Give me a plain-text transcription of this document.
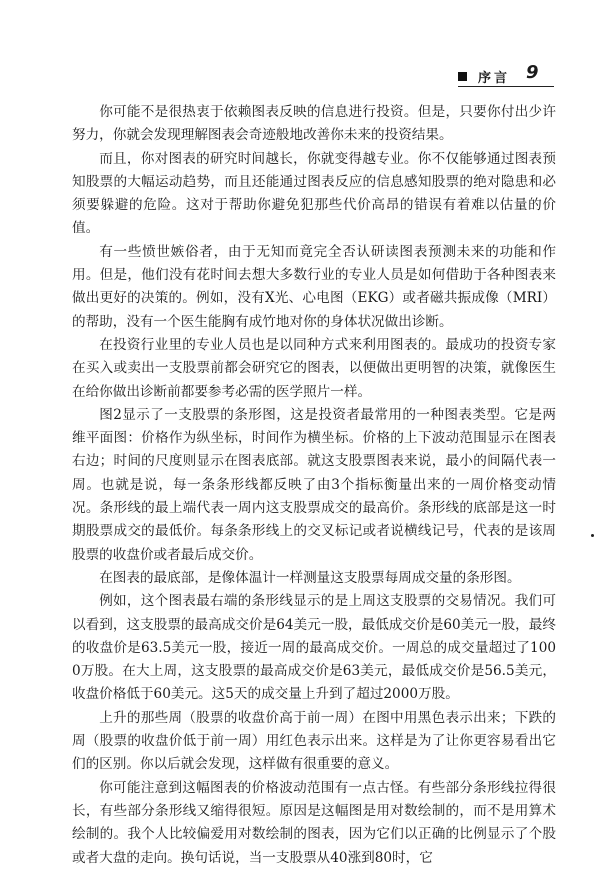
序言 9

你可能不是很热衷于依赖图表反映的信息进行投资。但是，只要你付出少许努力，你就会发现理解图表会奇迹般地改善你未来的投资结果。

而且，你对图表的研究时间越长，你就变得越专业。你不仅能够通过图表预知股票的大幅运动趋势，而且还能通过图表反应的信息感知股票的绝对隐患和必须要躲避的危险。这对于帮助你避免犯那些代价高昂的错误有着难以估量的价值。

有一些愤世嫉俗者，由于无知而竟完全否认研读图表预测未来的功能和作用。但是，他们没有花时间去想大多数行业的专业人员是如何借助于各种图表来做出更好的决策的。例如，没有X光、心电图（EKG）或者磁共振成像（MRI）的帮助，没有一个医生能胸有成竹地对你的身体状况做出诊断。

在投资行业里的专业人员也是以同种方式来利用图表的。最成功的投资专家在买入或卖出一支股票前都会研究它的图表，以便做出更明智的决策，就像医生在给你做出诊断前都要参考必需的医学照片一样。

图2显示了一支股票的条形图，这是投资者最常用的一种图表类型。它是两维平面图：价格作为纵坐标，时间作为横坐标。价格的上下波动范围显示在图表右边；时间的尺度则显示在图表底部。就这支股票图表来说，最小的间隔代表一周。也就是说，每一条条形线都反映了由3个指标衡量出来的一周价格变动情况。条形线的最上端代表一周内这支股票成交的最高价。条形线的底部是这一时期股票成交的最低价。每条条形线上的交叉标记或者说横线记号，代表的是该周股票的收盘价或者最后成交价。

在图表的最底部，是像体温计一样测量这支股票每周成交量的条形图。

例如，这个图表最右端的条形线显示的是上周这支股票的交易情况。我们可以看到，这支股票的最高成交价是64美元一股，最低成交价是60美元一股，最终的收盘价是63.5美元一股，接近一周的最高成交价。一周总的成交量超过了1000万股。在大上周，这支股票的最高成交价是63美元，最低成交价是56.5美元，收盘价格低于60美元。这5天的成交量上升到了超过2000万股。

上升的那些周（股票的收盘价高于前一周）在图中用黑色表示出来；下跌的周（股票的收盘价低于前一周）用红色表示出来。这样是为了让你更容易看出它们的区别。你以后就会发现，这样做有很重要的意义。

你可能注意到这幅图表的价格波动范围有一点古怪。有些部分条形线拉得很长，有些部分条形线又缩得很短。原因是这幅图是用对数绘制的，而不是用算术绘制的。我个人比较偏爱用对数绘制的图表，因为它们以正确的比例显示了个股或者大盘的走向。换句话说，当一支股票从40涨到80时，它
